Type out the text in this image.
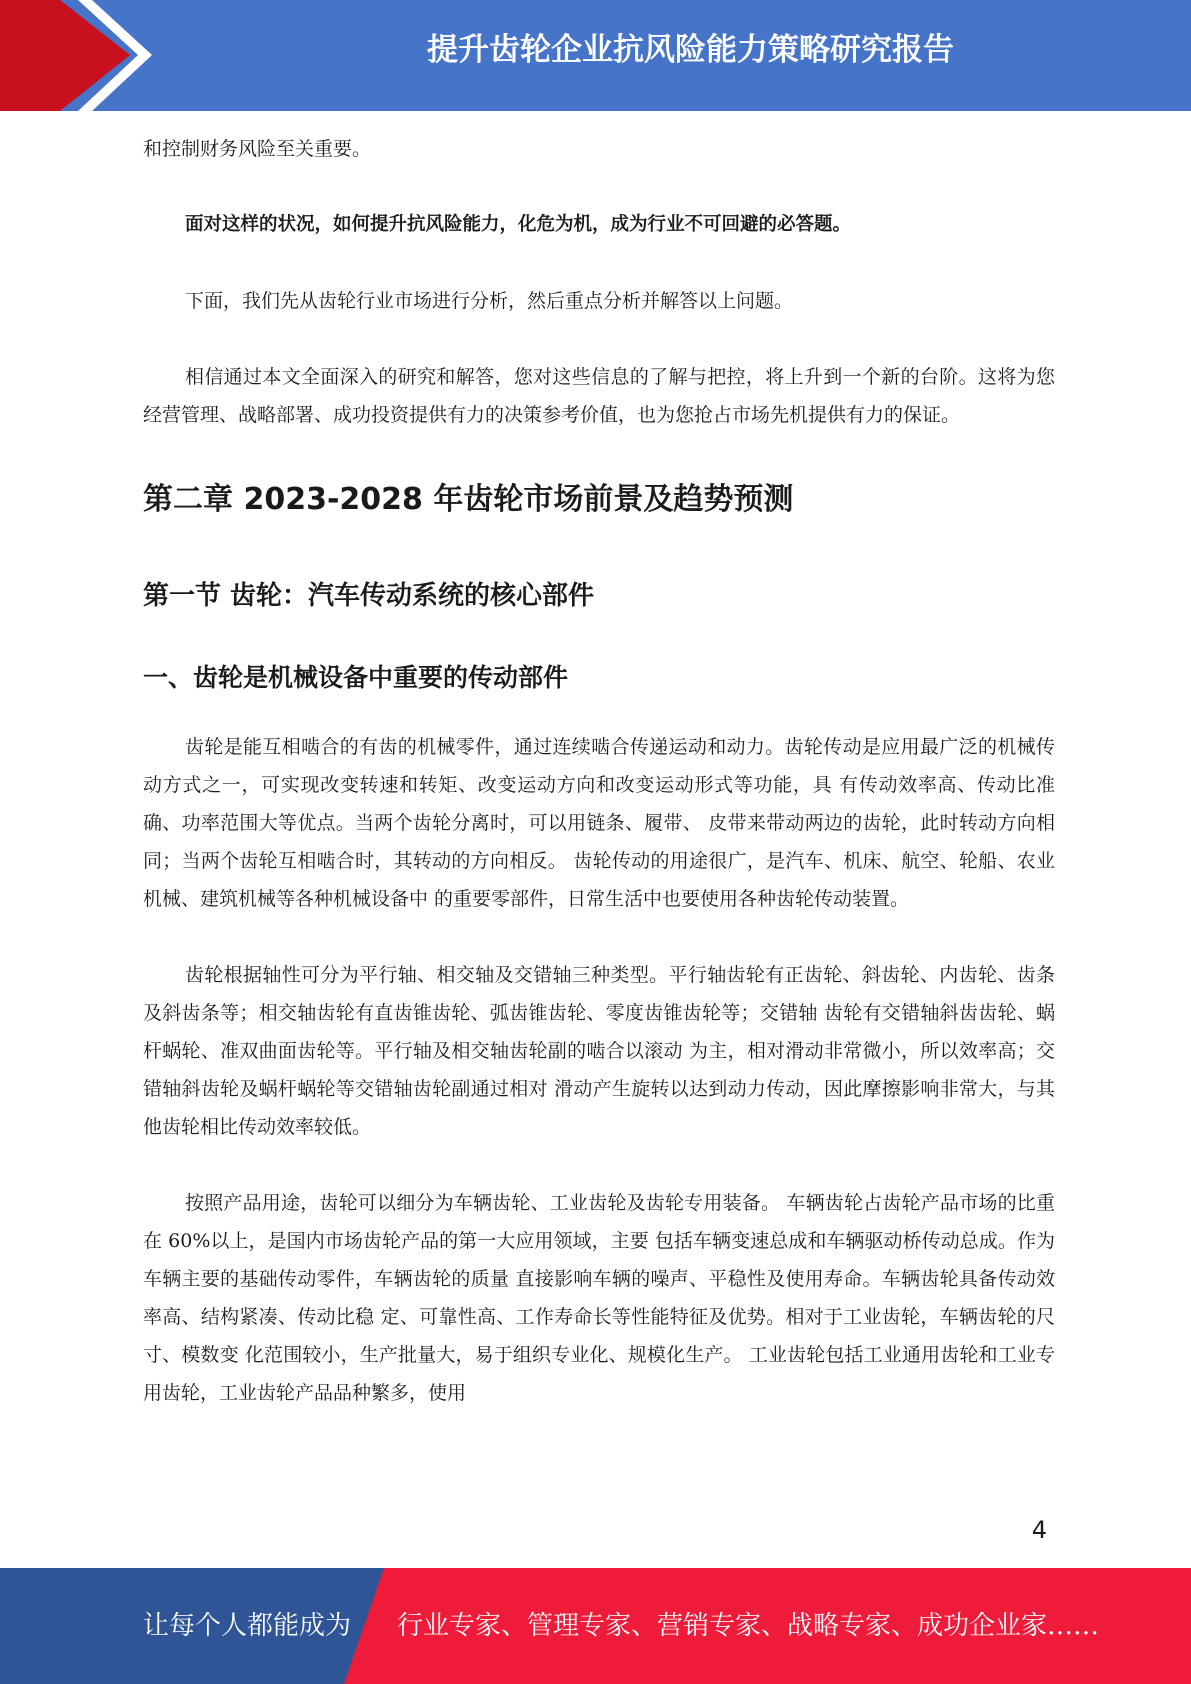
提升齿轮企业抗风险能力策略研究报告

和控制财务风险至关重要。

面对这样的状况，如何提升抗风险能力，化危为机，成为行业不可回避的必答题。

下面，我们先从齿轮行业市场进行分析，然后重点分析并解答以上问题。

相信通过本文全面深入的研究和解答，您对这些信息的了解与把控，将上升到一个新的台阶。这将为您经营管理、战略部署、成功投资提供有力的决策参考价值，也为您抢占市场先机提供有力的保证。

第二章 2023-2028 年齿轮市场前景及趋势预测
第一节 齿轮：汽车传动系统的核心部件
一、齿轮是机械设备中重要的传动部件

齿轮是能互相啮合的有齿的机械零件，通过连续啮合传递运动和动力。齿轮传动是应用最广泛的机械传动方式之一，可实现改变转速和转矩、改变运动方向和改变运动形式等功能，具 有传动效率高、传动比准确、功率范围大等优点。当两个齿轮分离时，可以用链条、履带、 皮带来带动两边的齿轮，此时转动方向相同；当两个齿轮互相啮合时，其转动的方向相反。 齿轮传动的用途很广，是汽车、机床、航空、轮船、农业机械、建筑机械等各种机械设备中 的重要零部件，日常生活中也要使用各种齿轮传动装置。

齿轮根据轴性可分为平行轴、相交轴及交错轴三种类型。平行轴齿轮有正齿轮、斜齿轮、内齿轮、齿条及斜齿条等；相交轴齿轮有直齿锥齿轮、弧齿锥齿轮、零度齿锥齿轮等；交错轴 齿轮有交错轴斜齿齿轮、蜗杆蜗轮、准双曲面齿轮等。平行轴及相交轴齿轮副的啮合以滚动 为主，相对滑动非常微小，所以效率高；交错轴斜齿轮及蜗杆蜗轮等交错轴齿轮副通过相对 滑动产生旋转以达到动力传动，因此摩擦影响非常大，与其他齿轮相比传动效率较低。

按照产品用途，齿轮可以细分为车辆齿轮、工业齿轮及齿轮专用装备。 车辆齿轮占齿轮产品市场的比重在 60%以上，是国内市场齿轮产品的第一大应用领域，主要 包括车辆变速总成和车辆驱动桥传动总成。作为车辆主要的基础传动零件，车辆齿轮的质量 直接影响车辆的噪声、平稳性及使用寿命。车辆齿轮具备传动效率高、结构紧凑、传动比稳 定、可靠性高、工作寿命长等性能特征及优势。相对于工业齿轮，车辆齿轮的尺寸、模数变 化范围较小，生产批量大，易于组织专业化、规模化生产。 工业齿轮包括工业通用齿轮和工业专用齿轮，工业齿轮产品品种繁多，使用

4
让每个人都能成为 行业专家、管理专家、营销专家、战略专家、成功企业家……
